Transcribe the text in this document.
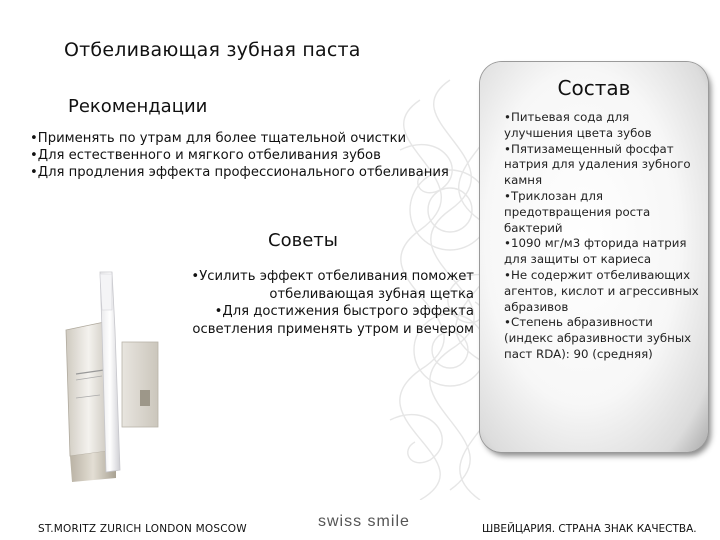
Отбеливающая зубная паста
Рекомендации
•Применять по утрам для более тщательной очистки
•Для естественного и мягкого отбеливания зубов
•Для продления эффекта профессионального отбеливания
Советы
•Усилить эффект отбеливания поможет отбеливающая зубная щетка
•Для достижения быстрого эффекта осветления применять утром и вечером
Состав
•Питьевая сода для улучшения цвета зубов
•Пятизамещенный фосфат натрия для удаления зубного камня
•Триклозан для предотвращения роста бактерий
•1090 мг/м3 фторида натрия для защиты от кариеса
•Не содержит отбеливающих агентов, кислот и агрессивных абразивов
•Степень абразивности (индекс абразивности зубных паст RDA): 90 (средняя)
ST.MORITZ ZURICH LONDON MOSCOW	swiss smile	ШВЕЙЦАРИЯ. СТРАНА ЗНАК КАЧЕСТВА.
